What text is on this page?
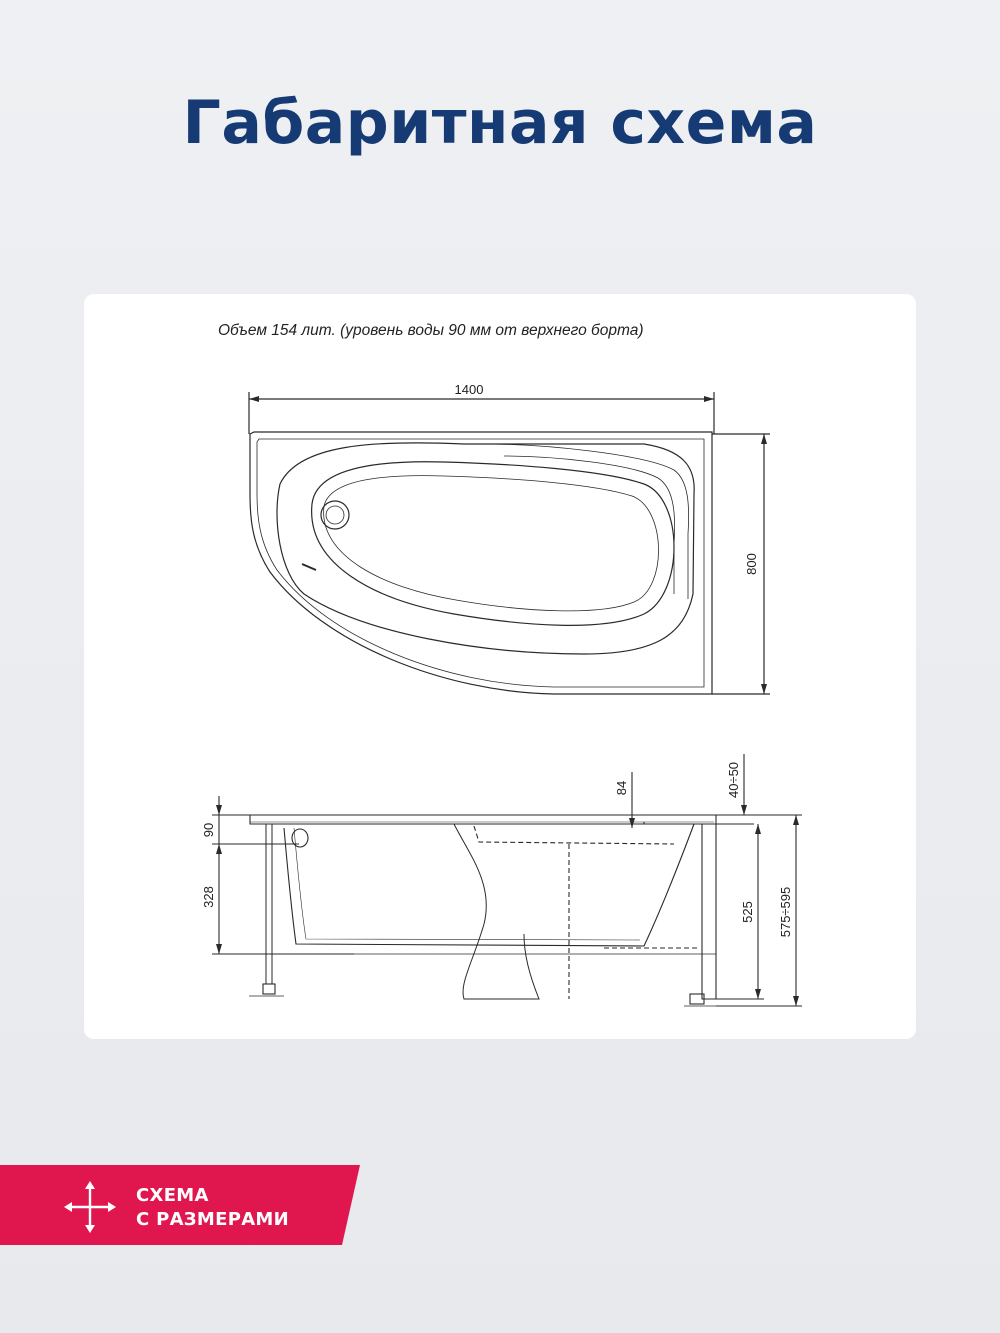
Габаритная схема
Объем 154 лит. (уровень воды 90 мм от верхнего борта)
1400
800
90
328
84	40÷50
525 575÷595
СХЕМА
С РАЗМЕРАМИ
